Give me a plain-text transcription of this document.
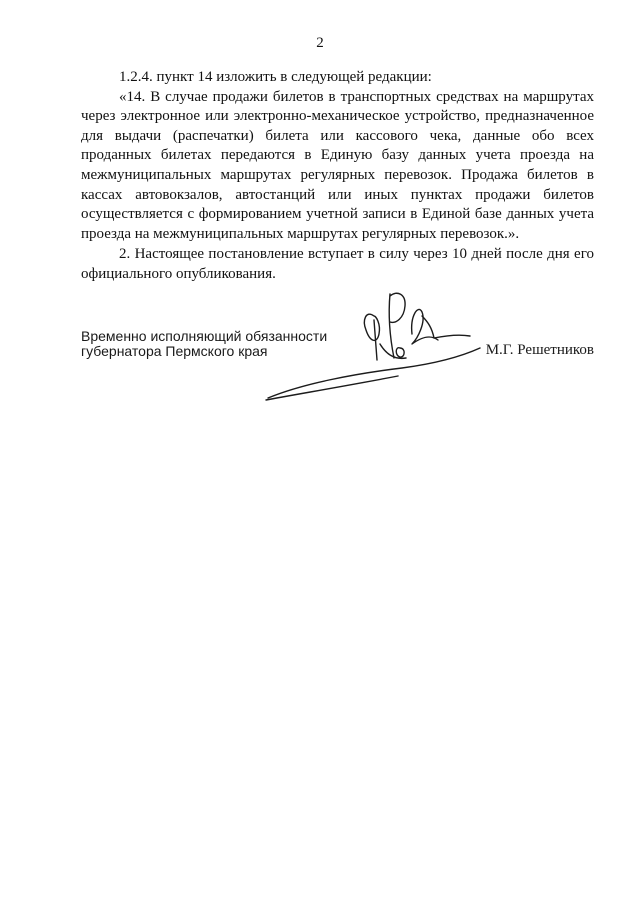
2

1.2.4. пункт 14 изложить в следующей редакции:

«14. В случае продажи билетов в транспортных средствах на маршрутах через электронное или электронно-механическое устройство, предназначенное для выдачи (распечатки) билета или кассового чека, данные обо всех проданных билетах передаются в Единую базу данных учета проезда на межмуниципальных маршрутах регулярных перевозок. Продажа билетов в кассах автовокзалов, автостанций или иных пунктах продажи билетов осуществляется с формированием учетной записи в Единой базе данных учета проезда на межмуниципальных маршрутах регулярных перевозок.».

2. Настоящее постановление вступает в силу через 10 дней после дня его официального опубликования.

Временно исполняющий обязанности
губернатора Пермского края	М.Г. Решетников
